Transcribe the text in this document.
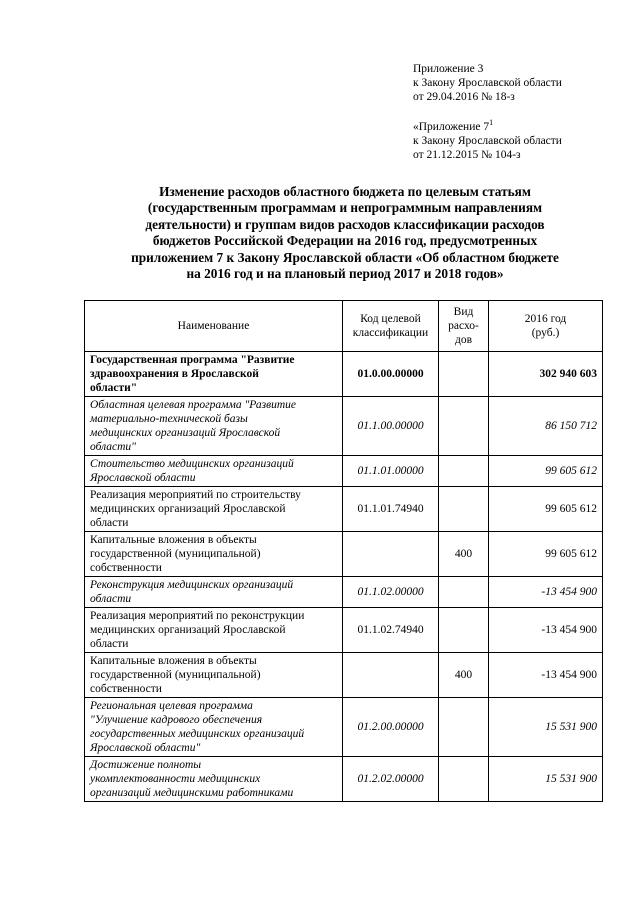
Приложение 3
к Закону Ярославской области
от 29.04.2016 № 18-з
«Приложение $7^1$
к Закону Ярославской области
от 21.12.2015 № 104-з
Изменение расходов областного бюджета по целевым статьям
(государственным программам и непрограммным направлениям
деятельности) и группам видов расходов классификации расходов
бюджетов Российской Федерации на 2016 год, предусмотренных
приложением 7 к Закону Ярославской области «Об областном бюджете
на 2016 год и на плановый период 2017 и 2018 годов»
Наименование	Код целевой
классификации	Вид
расхо-
дов	2016 год
(руб.)

Государственная программа "Развитие
здравоохранения в Ярославской
области"	01.0.00.00000		302 940 603

Областная целевая программа "Развитие
материально-технической базы
медицинских организаций Ярославской
области"	01.1.00.00000		86 150 712

Стоительство медицинских организаций
Ярославской области	01.1.01.00000		99 605 612

Реализация мероприятий по строительству
медицинских организаций Ярославской
области	01.1.01.74940		99 605 612

Капитальные вложения в объекты
государственной (муниципальной)
собственности		400	99 605 612

Реконструкция медицинских организаций
области	01.1.02.00000		-13 454 900

Реализация мероприятий по реконструкции
медицинских организаций Ярославской
области	01.1.02.74940		-13 454 900

Капитальные вложения в объекты
государственной (муниципальной)
собственности		400	-13 454 900

Региональная целевая программа
"Улучшение кадрового обеспечения
государственных медицинских организаций
Ярославской области"	01.2.00.00000		15 531 900

Достижение полноты
укомплектованности медицинских
организаций медицинскими работниками	01.2.02.00000		15 531 900
